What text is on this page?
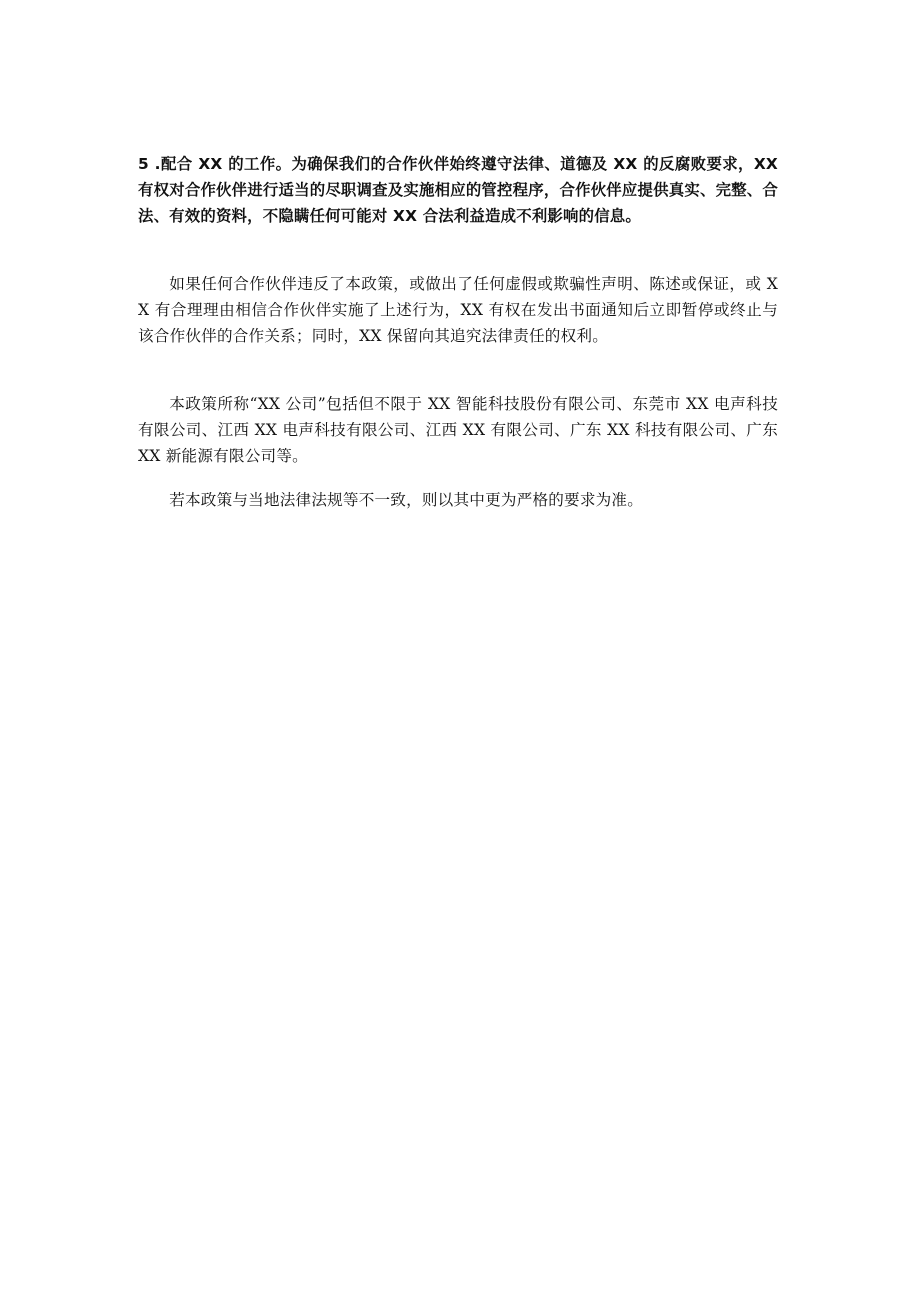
5 .配合 XX 的工作。为确保我们的合作伙伴始终遵守法律、道德及 XX 的反腐败要求，XX 有权对合作伙伴进行适当的尽职调查及实施相应的管控程序，合作伙伴应提供真实、完整、合法、有效的资料，不隐瞒任何可能对 XX 合法利益造成不利影响的信息。

如果任何合作伙伴违反了本政策，或做出了任何虚假或欺骗性声明、陈述或保证，或 XX 有合理理由相信合作伙伴实施了上述行为，XX 有权在发出书面通知后立即暂停或终止与该合作伙伴的合作关系；同时，XX 保留向其追究法律责任的权利。

本政策所称“XX 公司”包括但不限于 XX 智能科技股份有限公司、东莞市 XX 电声科技有限公司、江西 XX 电声科技有限公司、江西 XX 有限公司、广东 XX 科技有限公司、广东 XX 新能源有限公司等。

若本政策与当地法律法规等不一致，则以其中更为严格的要求为准。
